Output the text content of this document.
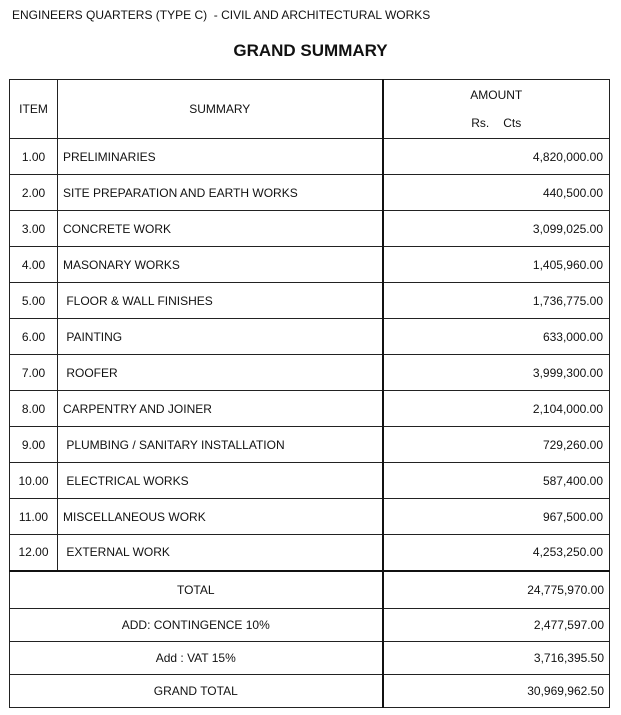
ENGINEERS QUARTERS (TYPE C)  - CIVIL AND ARCHITECTURAL WORKS
GRAND SUMMARY
ITEM	SUMMARY	AMOUNT
Rs. Cts

1.00	PRELIMINARIES	4,820,000.00
2.00	SITE PREPARATION AND EARTH WORKS	440,500.00
3.00	CONCRETE WORK	3,099,025.00
4.00	MASONARY WORKS	1,405,960.00
5.00	FLOOR & WALL FINISHES	1,736,775.00
6.00	PAINTING	633,000.00
7.00	ROOFER	3,999,300.00
8.00	CARPENTRY AND JOINER	2,104,000.00
9.00	PLUMBING / SANITARY INSTALLATION	729,260.00
10.00	ELECTRICAL WORKS	587,400.00
11.00	MISCELLANEOUS WORK	967,500.00
12.00	EXTERNAL WORK	4,253,250.00
TOTAL		24,775,970.00
ADD: CONTINGENCE 10%		2,477,597.00
Add : VAT 15%		3,716,395.50
GRAND TOTAL		30,969,962.50
